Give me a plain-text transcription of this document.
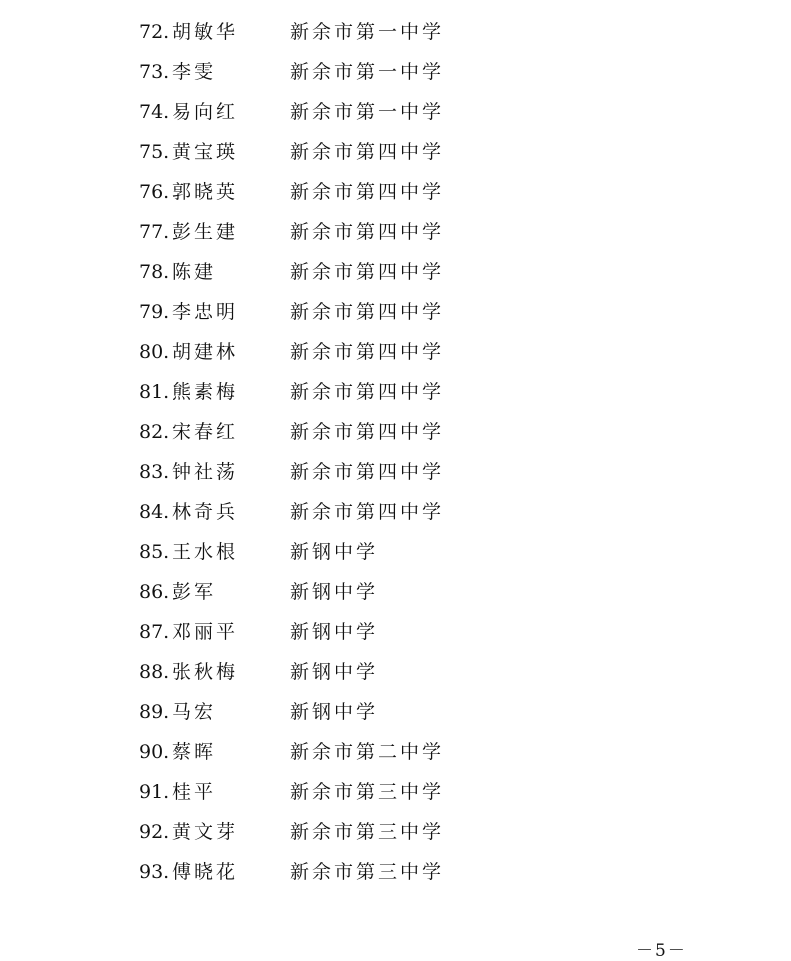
72. 胡敏华	新余市第一中学
73. 李雯	新余市第一中学
74. 易向红	新余市第一中学
75. 黄宝瑛	新余市第四中学
76. 郭晓英	新余市第四中学
77. 彭生建	新余市第四中学
78. 陈建	新余市第四中学
79. 李忠明	新余市第四中学
80. 胡建林	新余市第四中学
81. 熊素梅	新余市第四中学
82. 宋春红	新余市第四中学
83. 钟社荡	新余市第四中学
84. 林奇兵	新余市第四中学
85. 王水根	新钢中学
86. 彭军	新钢中学
87. 邓丽平	新钢中学
88. 张秋梅	新钢中学
89. 马宏	新钢中学
90. 蔡晖	新余市第二中学
91. 桂平	新余市第三中学
92. 黄文芽	新余市第三中学
93. 傅晓花	新余市第三中学
－5－
